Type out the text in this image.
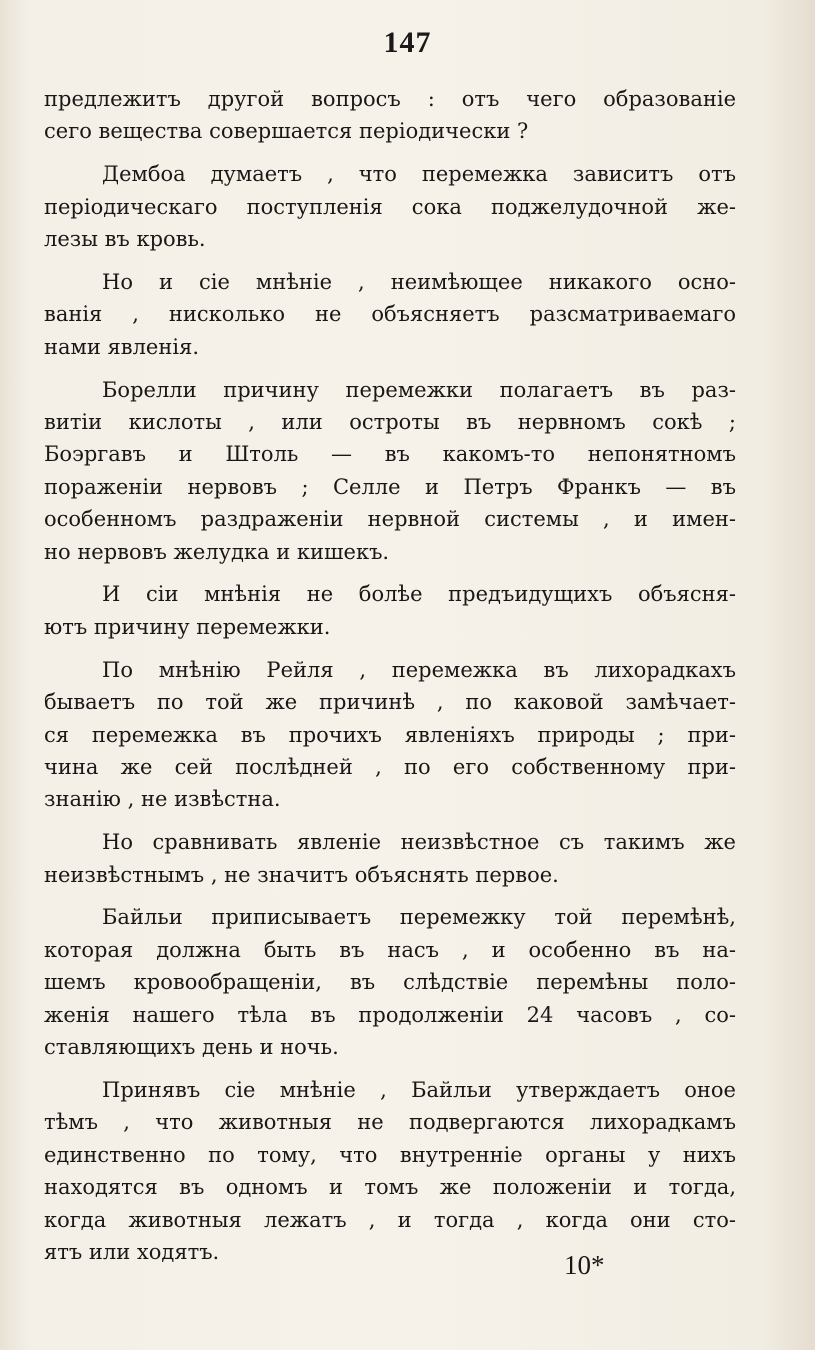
147
предлежитъ другой вопросъ : отъ чего образованіе
сего вещества совершается періодически ?
Дембоа думаетъ , что перемежка зависитъ отъ
періодическаго поступленія сока поджелудочной же-
лезы въ кровь.
Но и сіе мнѣніе , неимѣющее никакого осно-
ванія , нисколько не объясняетъ разсматриваемаго
нами явленія.
Борелли причину перемежки полагаетъ въ раз-
витіи кислоты , или остроты въ нервномъ сокѣ ;
Боэргавъ и Штоль — въ какомъ-то непонятномъ
пораженіи нервовъ ; Селле и Петръ Франкъ — въ
особенномъ раздраженіи нервной системы , и имен-
но нервовъ желудка и кишекъ.
И сіи мнѣнія не болѣе предъидущихъ объясня-
ютъ причину перемежки.
По мнѣнію Рейля , перемежка въ лихорадкахъ
бываетъ по той же причинѣ , по каковой замѣчает-
ся перемежка въ прочихъ явленіяхъ природы ; при-
чина же сей послѣдней , по его собственному при-
знанію , не извѣстна.
Но сравнивать явленіе неизвѣстное съ такимъ же
неизвѣстнымъ , не значитъ объяснять первое.
Байльи приписываетъ перемежку той перемѣнѣ,
которая должна быть въ насъ , и особенно въ на-
шемъ кровообращеніи, въ слѣдствіе перемѣны поло-
женія нашего тѣла въ продолженіи 24 часовъ , со-
ставляющихъ день и ночь.
Принявъ сіе мнѣніе , Байльи утверждаетъ оное
тѣмъ , что животныя не подвергаются лихорадкамъ
единственно по тому, что внутренніе органы у нихъ
находятся въ одномъ и томъ же положеніи и тогда,
когда животныя лежатъ , и тогда , когда они сто-
ятъ или ходятъ.	10*
